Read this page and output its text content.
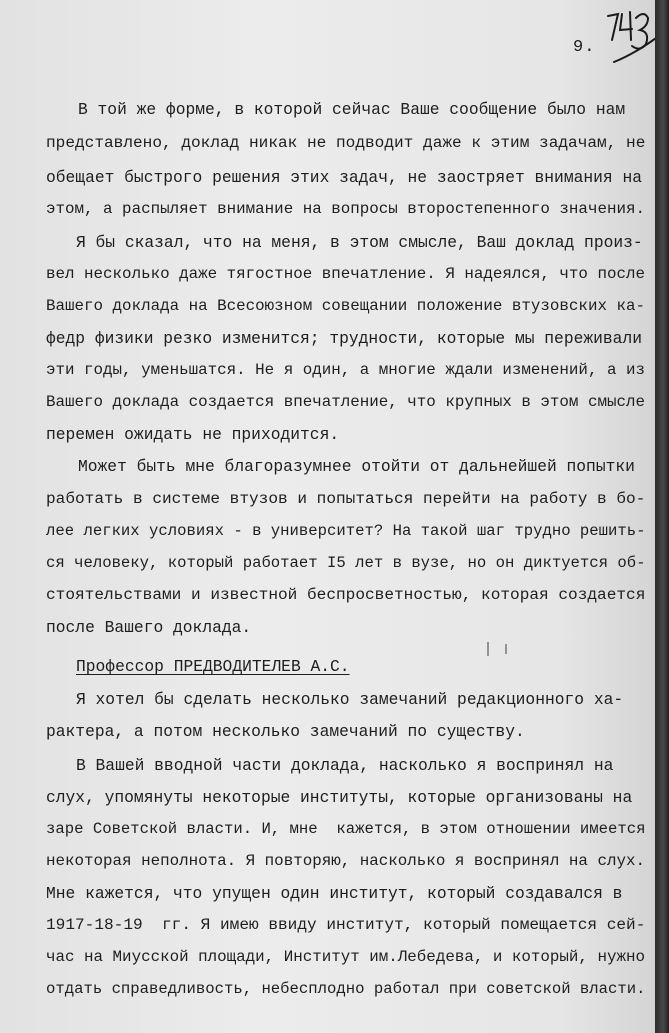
9.

В той же форме, в которой сейчас Ваше сообщение было нам

представлено, доклад никак не подводит даже к этим задачам, не

обещает быстрого решения этих задач, не заостряет внимания на

этом, а распыляет внимание на вопросы второстепенного значения.

Я бы сказал, что на меня, в этом смысле, Ваш доклад произ-

вел несколько даже тягостное впечатление. Я надеялся, что после

Вашего доклада на Всесоюзном совещании положение втузовских ка-

федр физики резко изменится; трудности, которые мы переживали

эти годы, уменьшатся. Не я один, а многие ждали изменений, а из

Вашего доклада создается впечатление, что крупных в этом смысле

перемен ожидать не приходится.

Может быть мне благоразумнее отойти от дальнейшей попытки

работать в системе втузов и попытаться перейти на работу в бо-

лее легких условиях - в университет? На такой шаг трудно решить-

ся человеку, который работает I5 лет в вузе, но он диктуется об-

стоятельствами и известной беспросветностью, которая создается

после Вашего доклада.

Профессор ПРЕДВОДИТЕЛЕВ А.С.

Я хотел бы сделать несколько замечаний редакционного ха-

рактера, а потом несколько замечаний по существу.

В Вашей вводной части доклада, насколько я воспринял на

слух, упомянуты некоторые институты, которые организованы на

заре Советской власти. И, мне  кажется, в этом отношении имеется

некоторая неполнота. Я повторяю, насколько я воспринял на слух.

Мне кажется, что упущен один институт, который создавался в

1917-18-19  гг. Я имею ввиду институт, который помещается сей-

час на Миусской площади, Институт им.Лебедева, и который, нужно

отдать справедливость, небесплодно работал при советской власти.
